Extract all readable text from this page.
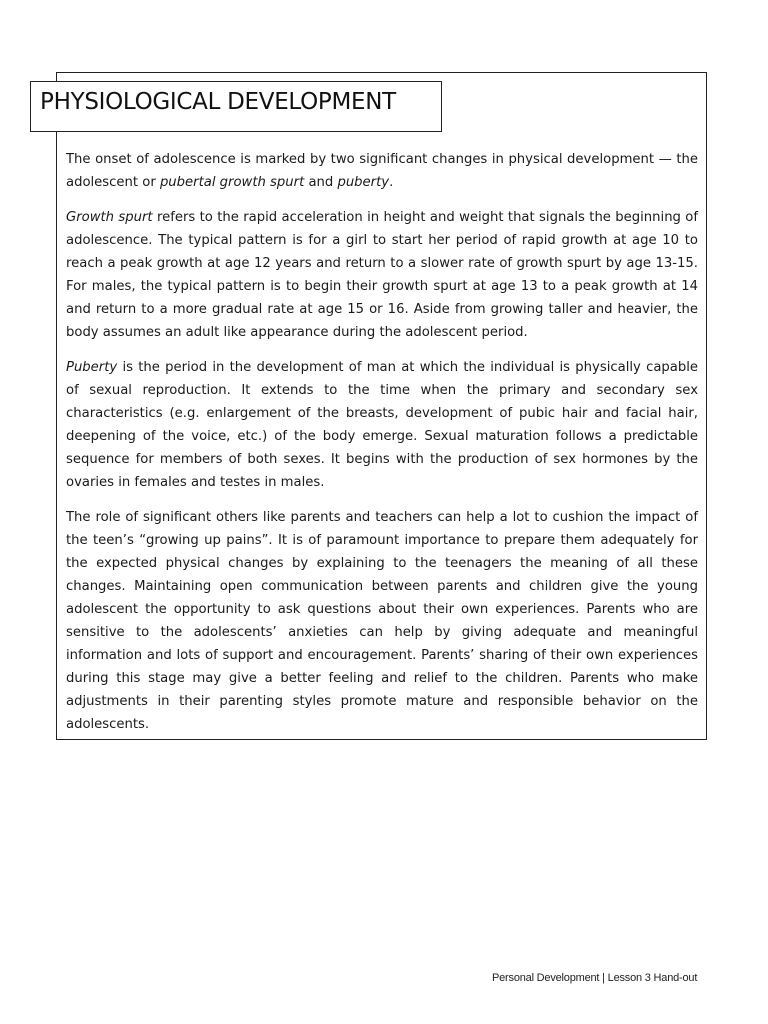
PHYSIOLOGICAL DEVELOPMENT

The onset of adolescence is marked by two significant changes in physical development — the adolescent or pubertal growth spurt and puberty.

Growth spurt refers to the rapid acceleration in height and weight that signals the beginning of adolescence. The typical pattern is for a girl to start her period of rapid growth at age 10 to reach a peak growth at age 12 years and return to a slower rate of growth spurt by age 13-15. For males, the typical pattern is to begin their growth spurt at age 13 to a peak growth at 14 and return to a more gradual rate at age 15 or 16. Aside from growing taller and heavier, the body assumes an adult like appearance during the adolescent period.

Puberty is the period in the development of man at which the individual is physically capable of sexual reproduction. It extends to the time when the primary and secondary sex characteristics (e.g. enlargement of the breasts, development of pubic hair and facial hair, deepening of the voice, etc.) of the body emerge. Sexual maturation follows a predictable sequence for members of both sexes. It begins with the production of sex hormones by the ovaries in females and testes in males.

The role of significant others like parents and teachers can help a lot to cushion the impact of the teen’s “growing up pains”. It is of paramount importance to prepare them adequately for the expected physical changes by explaining to the teenagers the meaning of all these changes. Maintaining open communication between parents and children give the young adolescent the opportunity to ask questions about their own experiences. Parents who are sensitive to the adolescents’ anxieties can help by giving adequate and meaningful information and lots of support and encouragement. Parents’ sharing of their own experiences during this stage may give a better feeling and relief to the children. Parents who make adjustments in their parenting styles promote mature and responsible behavior on the adolescents.

Personal Development | Lesson 3 Hand-out
